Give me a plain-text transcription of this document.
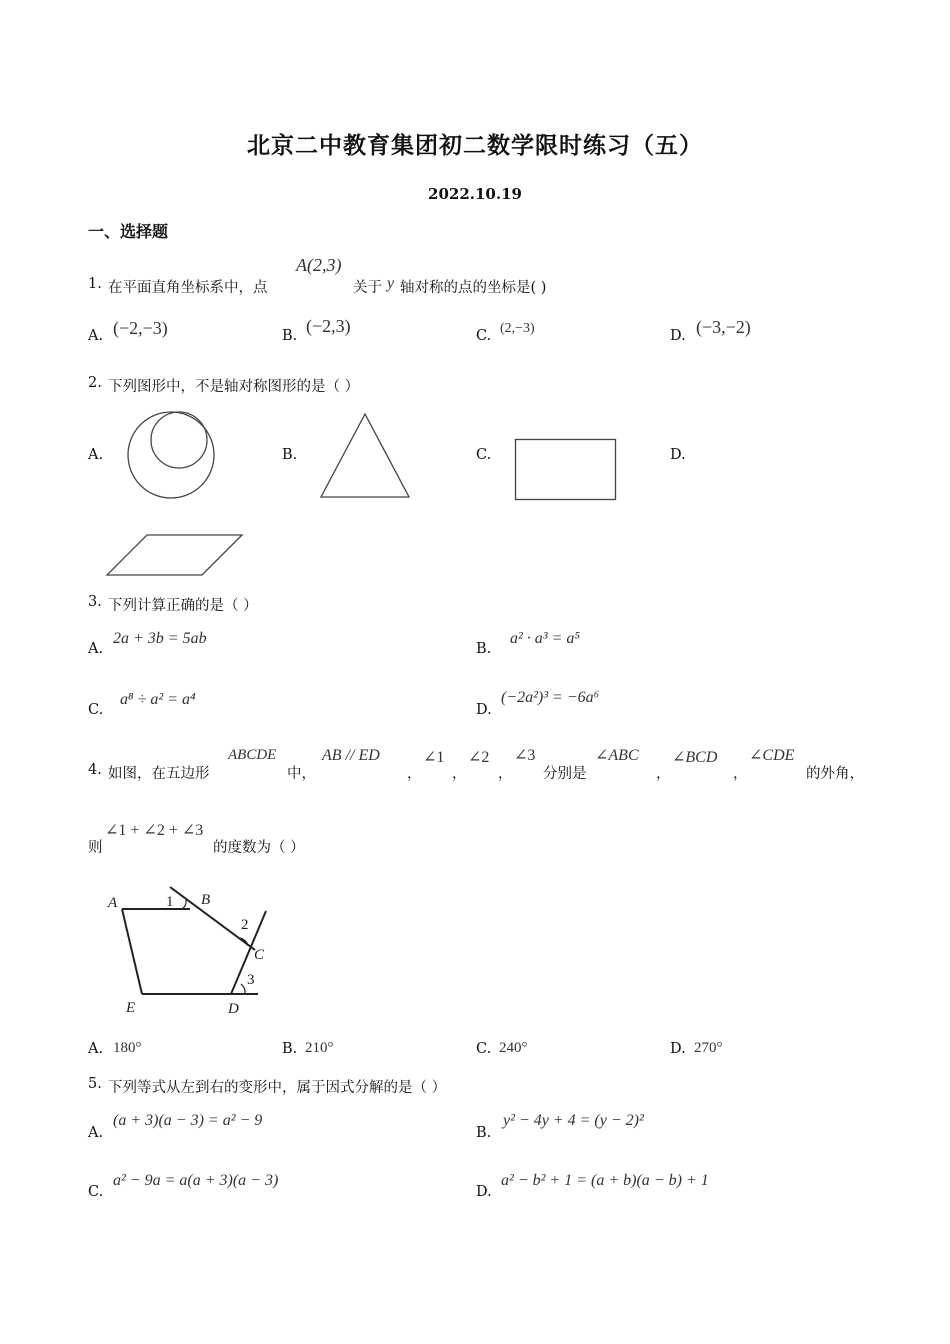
北京二中教育集团初二数学限时练习（五）
2022.10.19
一、选择题
1. 在平面直角坐标系中，点
A(2,3)
关于 y 轴对称的点的坐标是( )
A. (−2,−3)	B. (−2,3)	C. (2,−3)	D. (−3,−2)
2. 下列图形中，不是轴对称图形的是（ ）
A.	B.	C.	D.
3. 下列计算正确的是（ ）
A.
2a + 3b = 5ab
B.
a² · a³ = a⁵
C.
a⁸ ÷ a² = a⁴
D.
(−2a²)³ = −6a⁶
4. 如图，在五边形
ABCDE
中，
AB // ED
，
∠1
，
∠2
，
∠3
分别是
∠ABC
，
∠BCD
，
∠CDE
的外角，
则
∠1 + ∠2 + ∠3
的度数为（ ）
A	B
C
D
E
1
2
3
A. 180°	B. 210°	C. 240°	D. 270°
5. 下列等式从左到右的变形中，属于因式分解的是（ ）
A.
(a + 3)(a − 3) = a² − 9
B.
y² − 4y + 4 = (y − 2)²
C.
a² − 9a = a(a + 3)(a − 3)
D.
a² − b² + 1 = (a + b)(a − b) + 1
